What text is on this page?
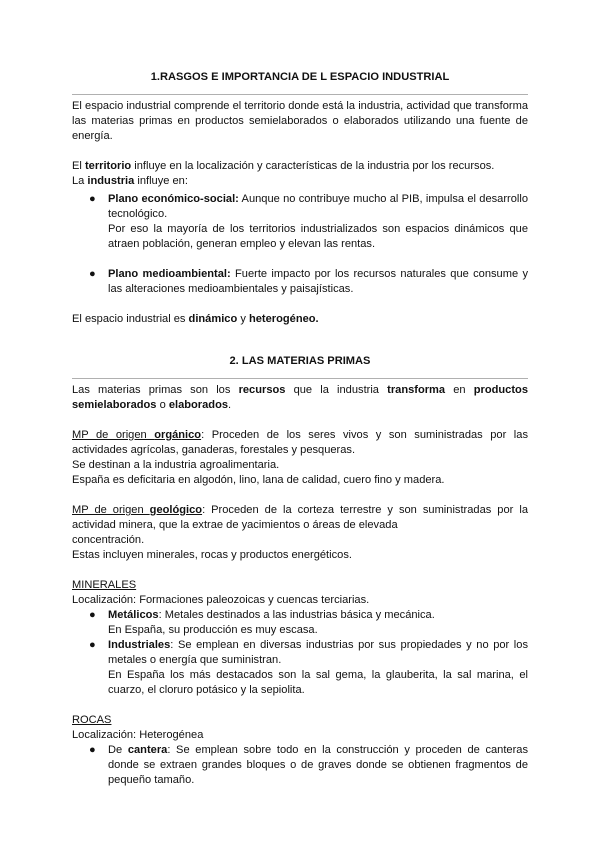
1.RASGOS E IMPORTANCIA DE L ESPACIO INDUSTRIAL

El espacio industrial comprende el territorio donde está la industria, actividad que transforma las materias primas en productos semielaborados o elaborados utilizando una fuente de energía.

El territorio influye en la localización y características de la industria por los recursos.

La industria influye en:

● Plano económico-social: Aunque no contribuye mucho al PIB, impulsa el desarrollo tecnológico.

Por eso la mayoría de los territorios industrializados son espacios dinámicos que atraen población, generan empleo y elevan las rentas.

● Plano medioambiental: Fuerte impacto por los recursos naturales que consume y las alteraciones medioambientales y paisajísticas.

El espacio industrial es dinámico y heterogéneo.

2. LAS MATERIAS PRIMAS

Las materias primas son los recursos que la industria transforma en productos semielaborados o elaborados.

MP de origen orgánico: Proceden de los seres vivos y son suministradas por las actividades agrícolas, ganaderas, forestales y pesqueras.

Se destinan a la industria agroalimentaria.

España es deficitaria en algodón, lino, lana de calidad, cuero fino y madera.

MP de origen geológico: Proceden de la corteza terrestre y son suministradas por la actividad minera, que la extrae de yacimientos o áreas de elevada

concentración.

Estas incluyen minerales, rocas y productos energéticos.

MINERALES

Localización: Formaciones paleozoicas y cuencas terciarias.

● Metálicos: Metales destinados a las industrias básica y mecánica.

En España, su producción es muy escasa.

● Industriales: Se emplean en diversas industrias por sus propiedades y no por los metales o energía que suministran.

En España los más destacados son la sal gema, la glauberita, la sal marina, el cuarzo, el cloruro potásico y la sepiolita.

ROCAS

Localización: Heterogénea

● De cantera: Se emplean sobre todo en la construcción y proceden de canteras donde se extraen grandes bloques o de graves donde se obtienen fragmentos de pequeño tamaño.
